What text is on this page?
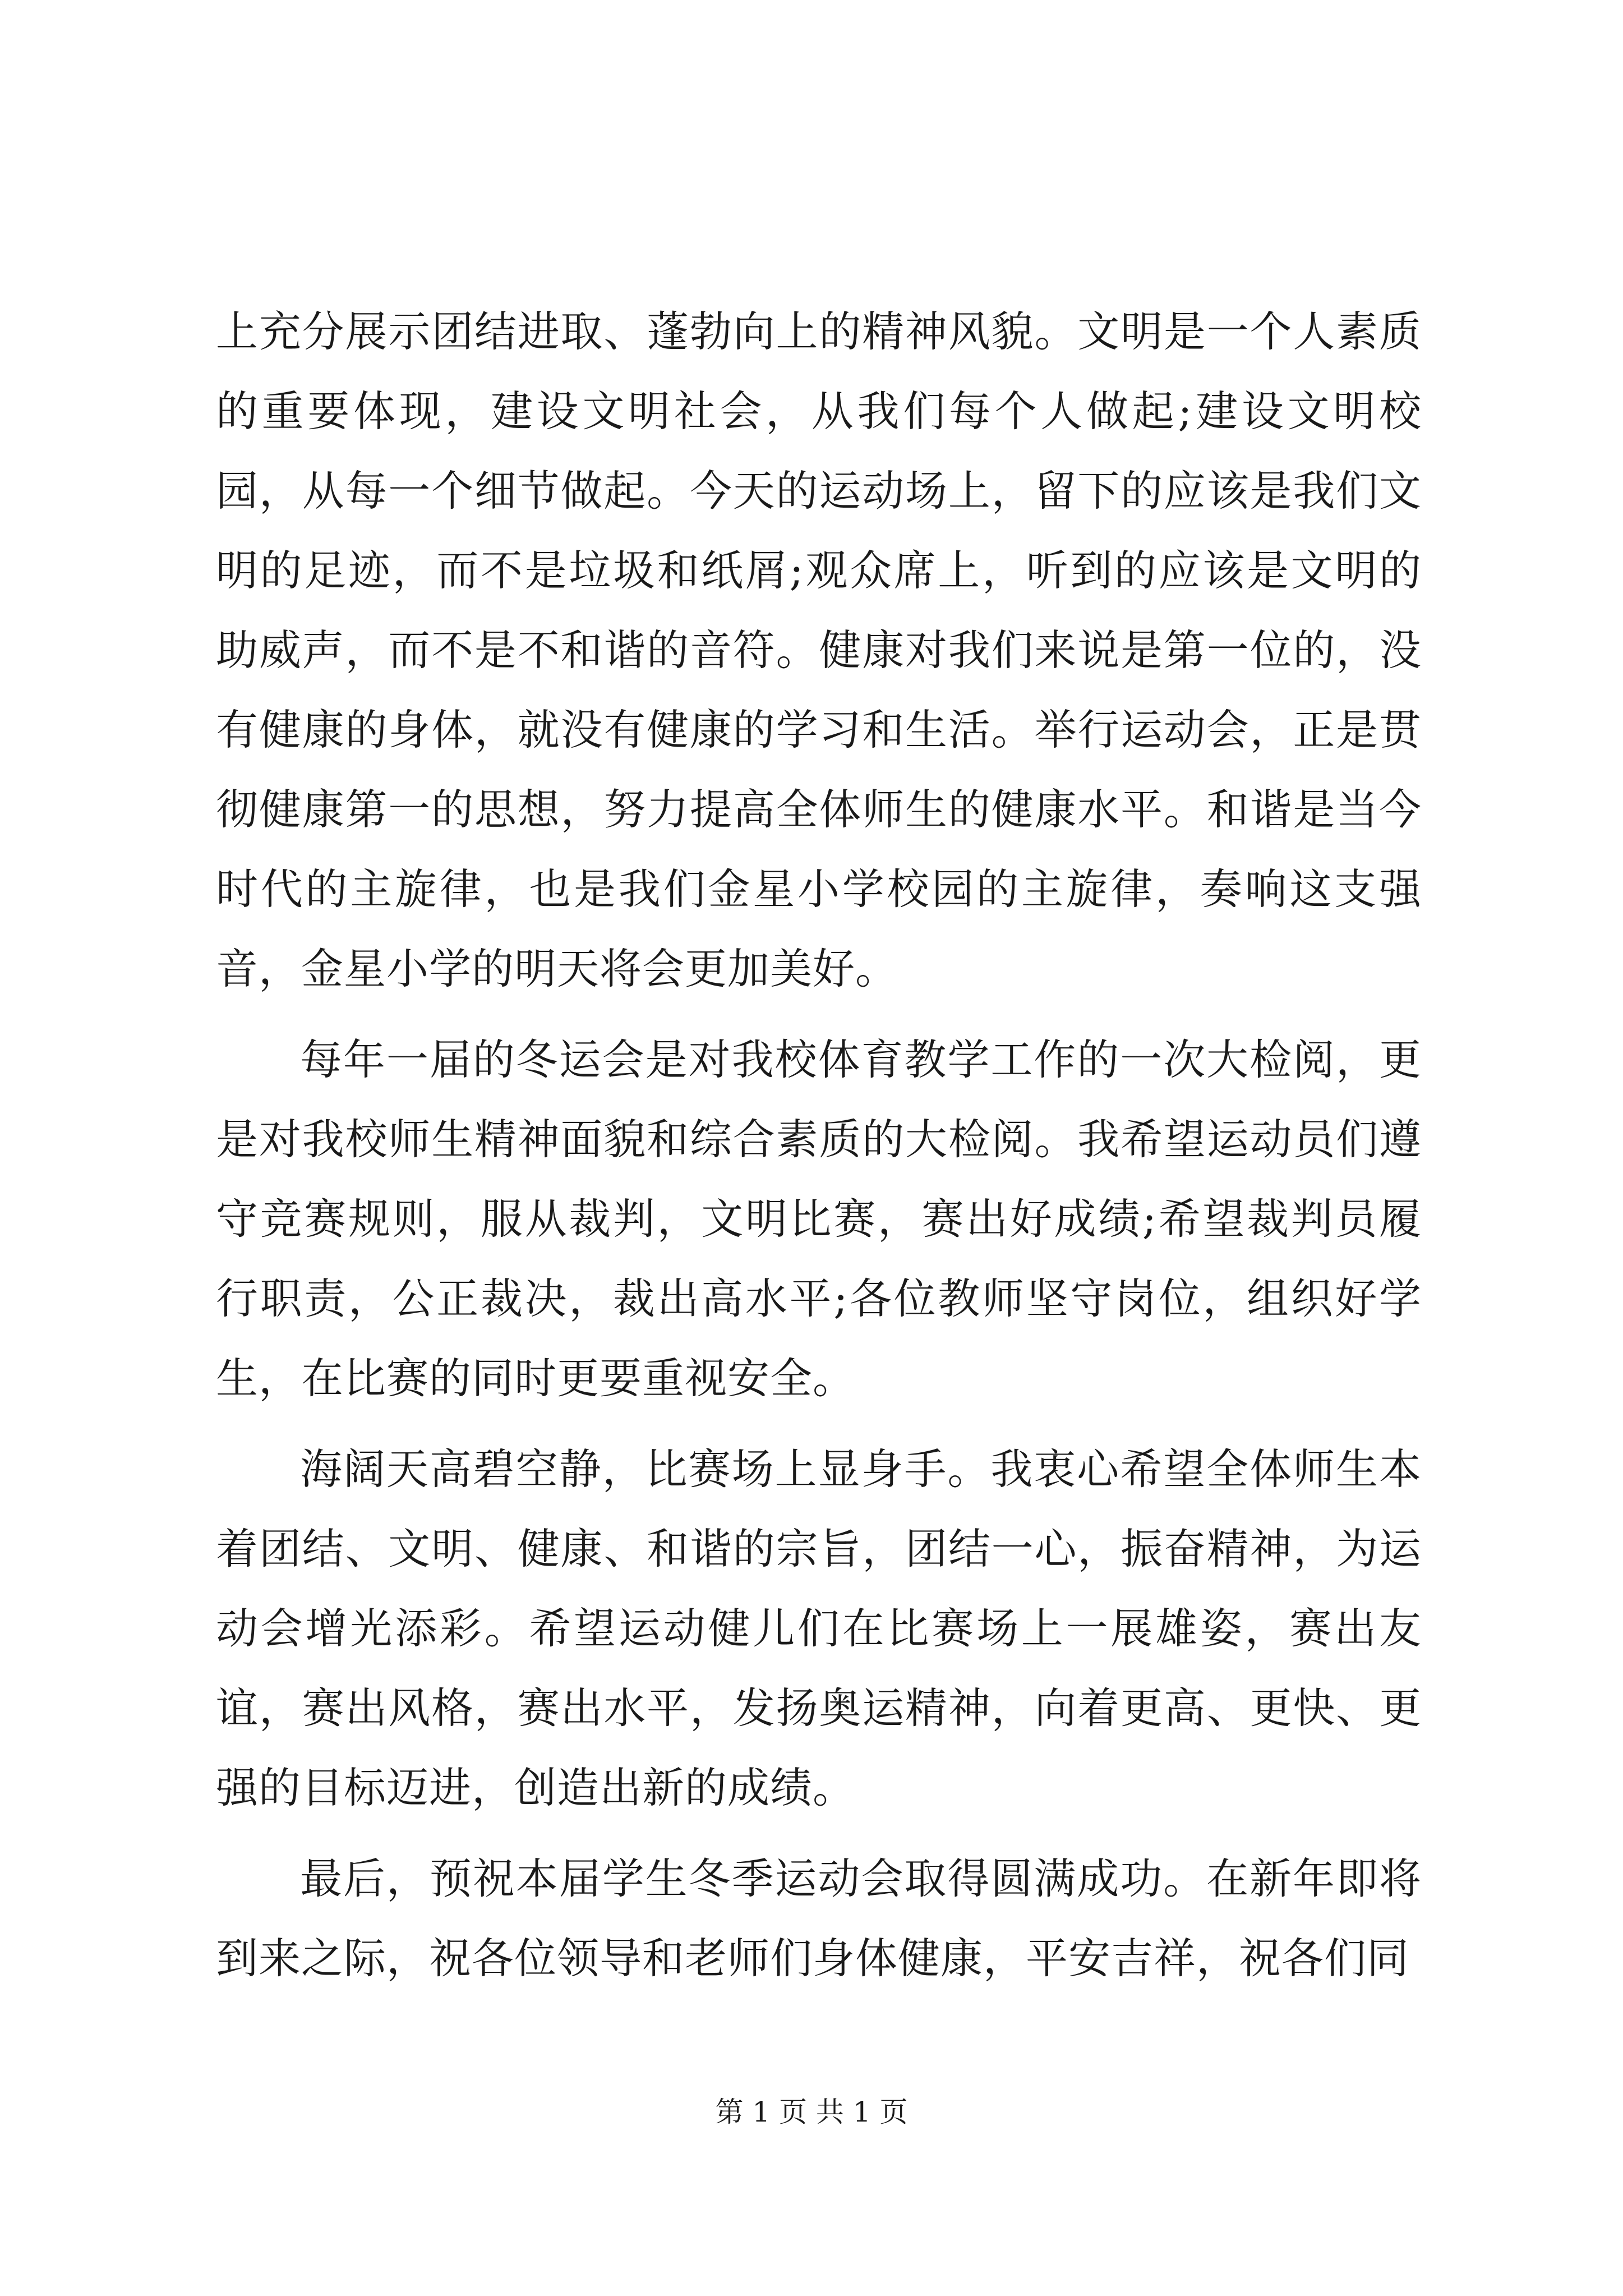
上充分展示团结进取、蓬勃向上的精神风貌。文明是一个人素质的重要体现，建设文明社会，从我们每个人做起;建设文明校园，从每一个细节做起。今天的运动场上，留下的应该是我们文明的足迹，而不是垃圾和纸屑;观众席上，听到的应该是文明的助威声，而不是不和谐的音符。健康对我们来说是第一位的，没有健康的身体，就没有健康的学习和生活。举行运动会，正是贯彻健康第一的思想，努力提高全体师生的健康水平。和谐是当今时代的主旋律，也是我们金星小学校园的主旋律，奏响这支强音，金星小学的明天将会更加美好。

每年一届的冬运会是对我校体育教学工作的一次大检阅，更是对我校师生精神面貌和综合素质的大检阅。我希望运动员们遵守竞赛规则，服从裁判，文明比赛，赛出好成绩;希望裁判员履行职责，公正裁决，裁出高水平;各位教师坚守岗位，组织好学生，在比赛的同时更要重视安全。

海阔天高碧空静，比赛场上显身手。我衷心希望全体师生本着团结、文明、健康、和谐的宗旨，团结一心，振奋精神，为运动会增光添彩。希望运动健儿们在比赛场上一展雄姿，赛出友谊，赛出风格，赛出水平，发扬奥运精神，向着更高、更快、更强的目标迈进，创造出新的成绩。

最后，预祝本届学生冬季运动会取得圆满成功。在新年即将到来之际，祝各位领导和老师们身体健康，平安吉祥，祝各们同

第 1 页 共 1 页
